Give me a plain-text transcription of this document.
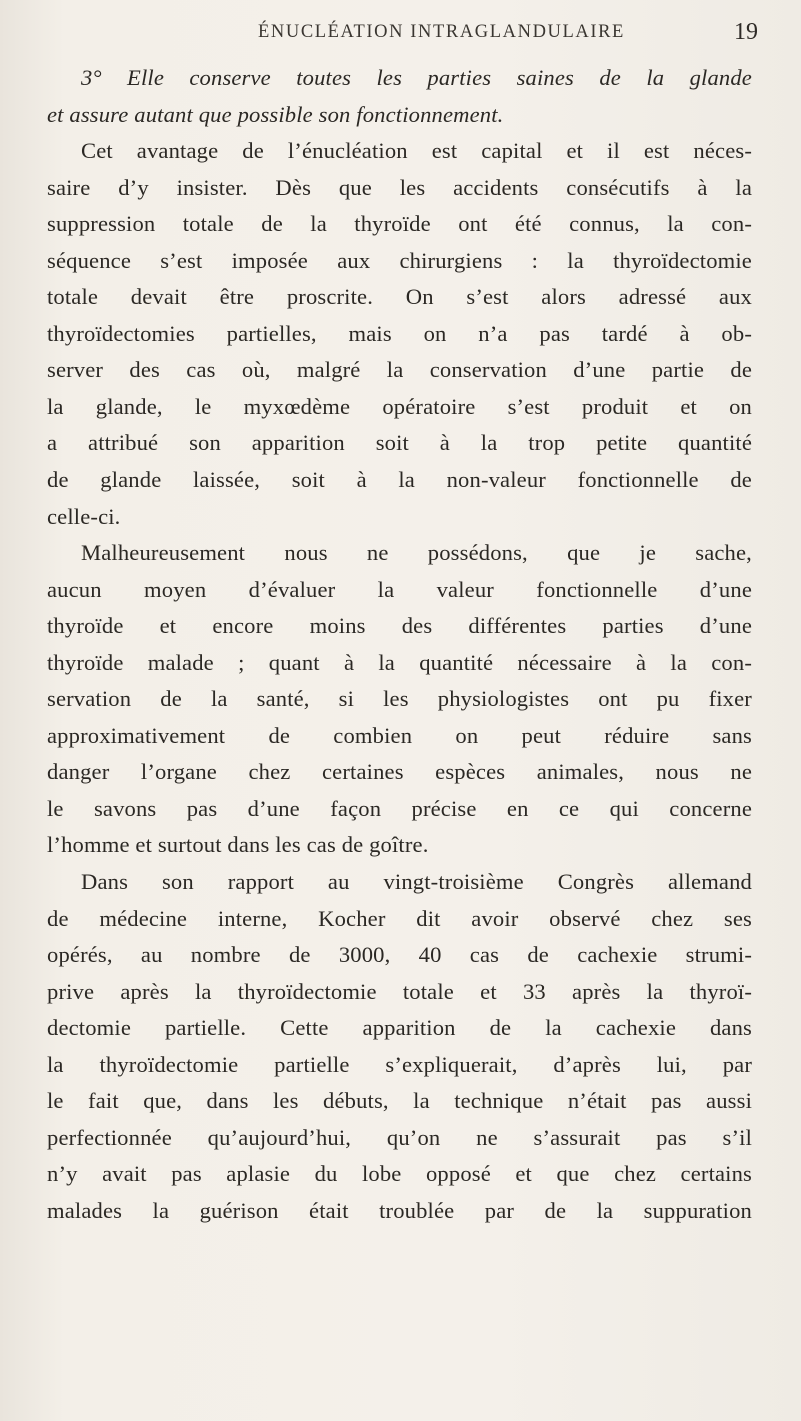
ÉNUCLÉATION INTRAGLANDULAIRE	19
3° Elle conserve toutes les parties saines de la glande
et assure autant que possible son fonctionnement.
Cet avantage de l’énucléation est capital et il est néces-
saire d’y insister. Dès que les accidents consécutifs à la
suppression totale de la thyroïde ont été connus, la con-
séquence s’est imposée aux chirurgiens : la thyroïdectomie
totale devait être proscrite. On s’est alors adressé aux
thyroïdectomies partielles, mais on n’a pas tardé à ob-
server des cas où, malgré la conservation d’une partie de
la glande, le myxœdème opératoire s’est produit et on
a attribué son apparition soit à la trop petite quantité
de glande laissée, soit à la non-valeur fonctionnelle de
celle-ci.
Malheureusement nous ne possédons, que je sache,
aucun moyen d’évaluer la valeur fonctionnelle d’une
thyroïde et encore moins des différentes parties d’une
thyroïde malade ; quant à la quantité nécessaire à la con-
servation de la santé, si les physiologistes ont pu fixer
approximativement de combien on peut réduire sans
danger l’organe chez certaines espèces animales, nous ne
le savons pas d’une façon précise en ce qui concerne
l’homme et surtout dans les cas de goître.
Dans son rapport au vingt-troisième Congrès allemand
de médecine interne, Kocher dit avoir observé chez ses
opérés, au nombre de 3000, 40 cas de cachexie strumi-
prive après la thyroïdectomie totale et 33 après la thyroï-
dectomie partielle. Cette apparition de la cachexie dans
la thyroïdectomie partielle s’expliquerait, d’après lui, par
le fait que, dans les débuts, la technique n’était pas aussi
perfectionnée qu’aujourd’hui, qu’on ne s’assurait pas s’il
n’y avait pas aplasie du lobe opposé et que chez certains
malades la guérison était troublée par de la suppuration
